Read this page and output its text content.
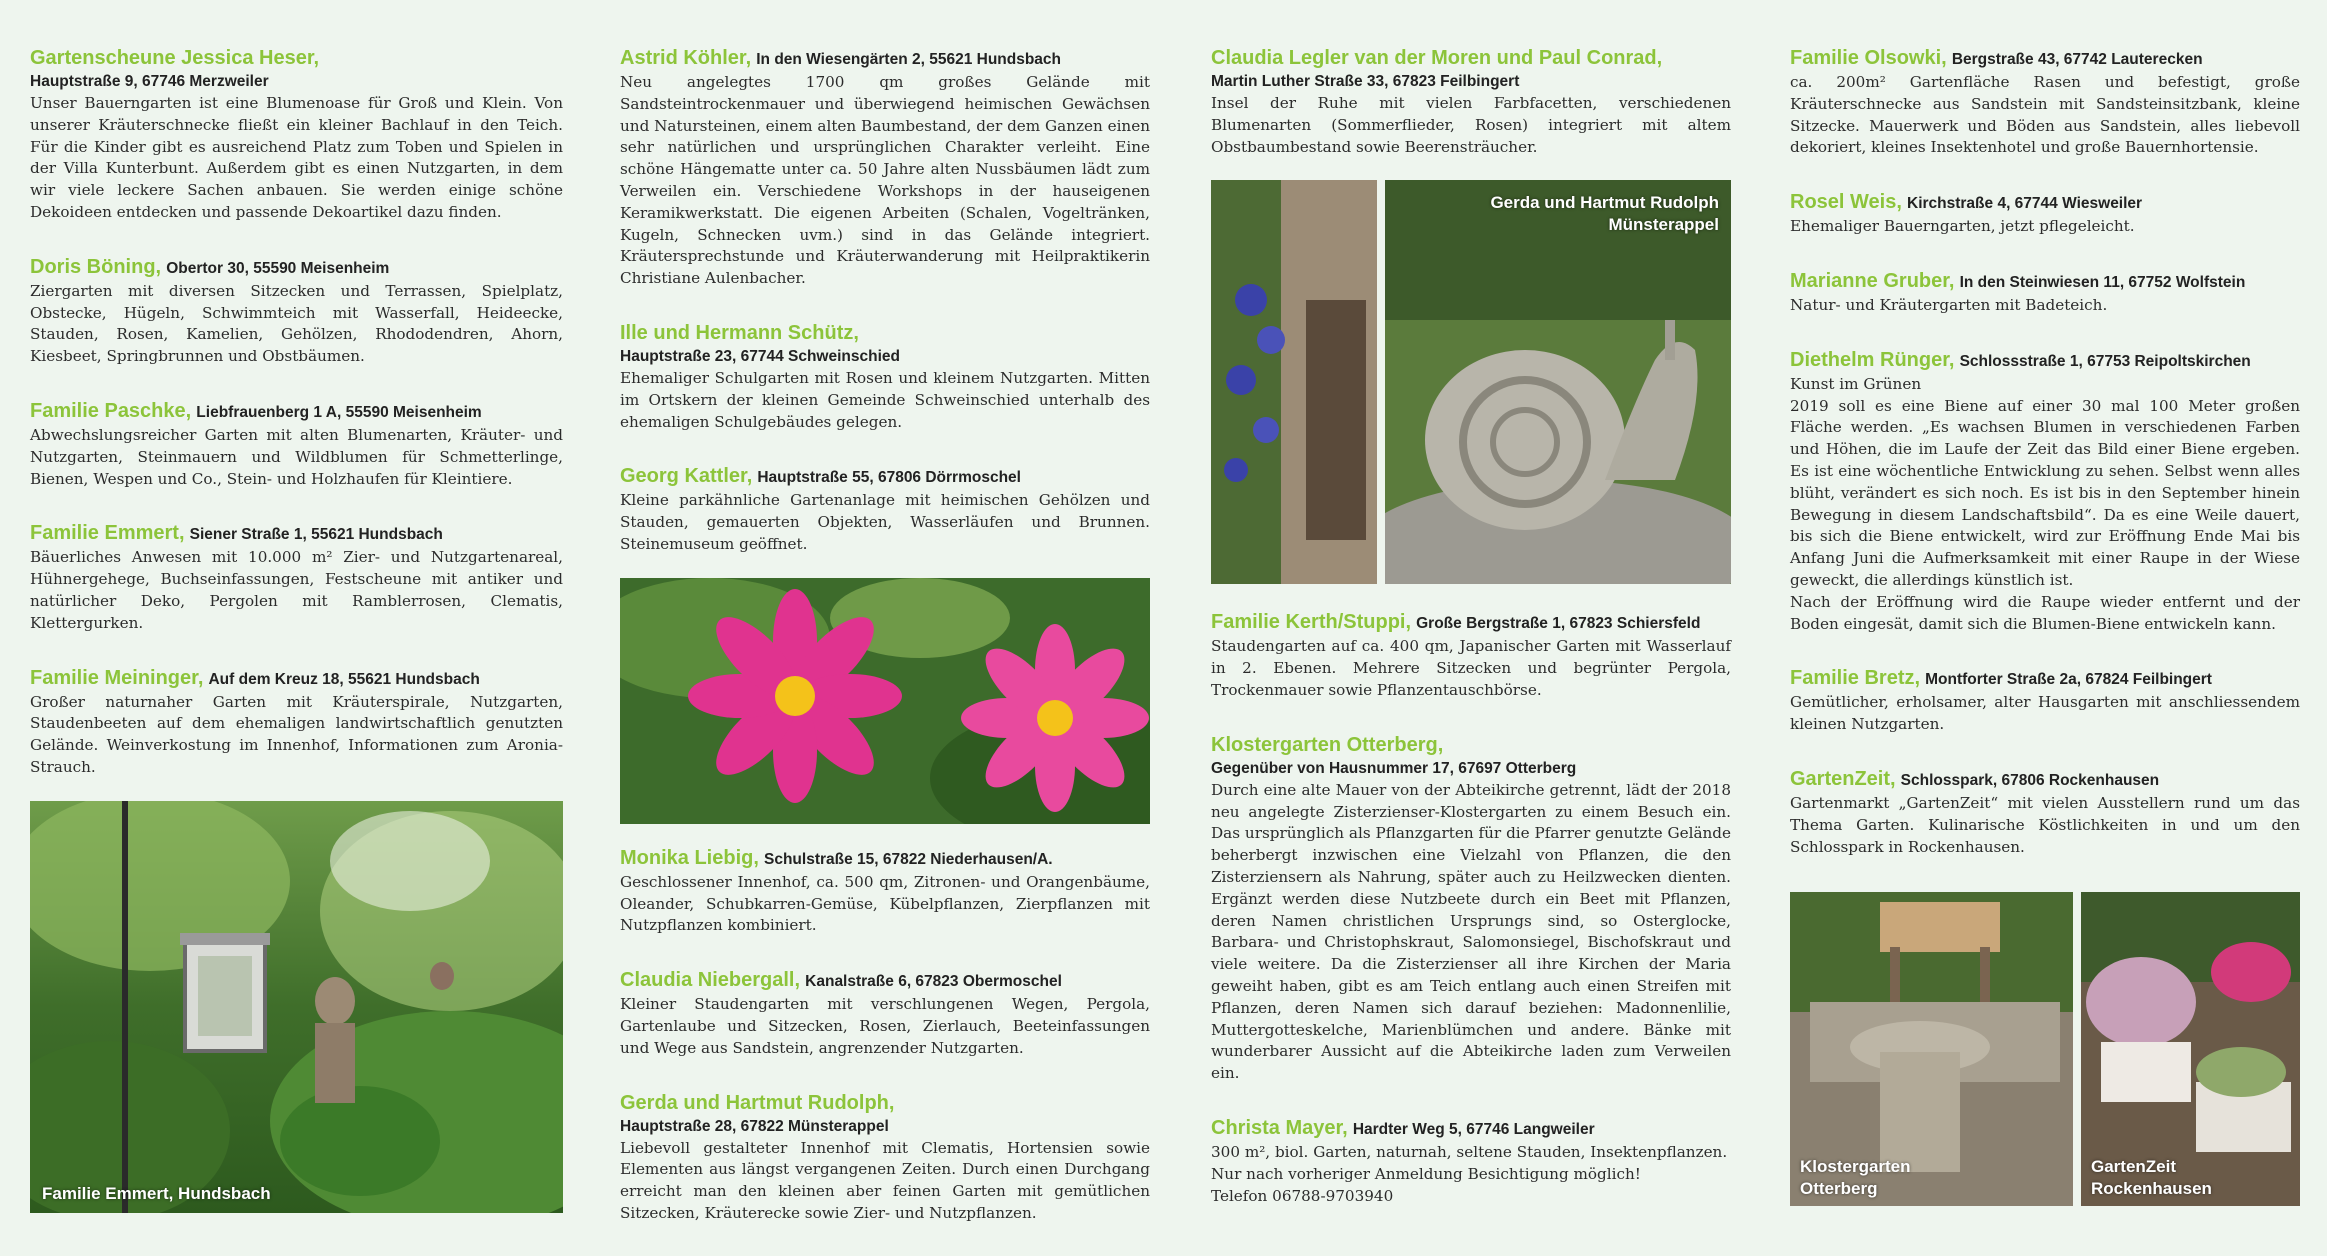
Gartenscheune Jessica Heser,
Hauptstraße 9, 67746 Merzweiler

Unser Bauerngarten ist eine Blumenoase für Groß und Klein. Von unserer Kräuterschnecke fließt ein kleiner Bachlauf in den Teich. Für die Kinder gibt es ausreichend Platz zum Toben und Spielen in der Villa Kunterbunt. Außerdem gibt es einen Nutzgarten, in dem wir viele leckere Sachen anbauen. Sie werden einige schöne Dekoideen entdecken und passende Dekoartikel dazu finden.

Doris Böning, Obertor 30, 55590 Meisenheim

Ziergarten mit diversen Sitzecken und Terrassen, Spielplatz, Obstecke, Hügeln, Schwimmteich mit Wasserfall, Heideecke, Stauden, Rosen, Kamelien, Gehölzen, Rhododendren, Ahorn, Kiesbeet, Springbrunnen und Obstbäumen.

Familie Paschke, Liebfrauenberg 1 A, 55590 Meisenheim

Abwechslungsreicher Garten mit alten Blumenarten, Kräuter- und Nutzgarten, Steinmauern und Wildblumen für Schmetterlinge, Bienen, Wespen und Co., Stein- und Holzhaufen für Kleintiere.

Familie Emmert, Siener Straße 1, 55621 Hundsbach

Bäuerliches Anwesen mit 10.000 m² Zier- und Nutzgartenareal, Hühnergehege, Buchseinfassungen, Festscheune mit antiker und natürlicher Deko, Pergolen mit Ramblerrosen, Clematis, Klettergurken.

Familie Meininger, Auf dem Kreuz 18, 55621 Hundsbach

Großer naturnaher Garten mit Kräuterspirale, Nutzgarten, Staudenbeeten auf dem ehemaligen landwirtschaftlich genutzten Gelände. Weinverkostung im Innenhof, Informationen zum Aronia-Strauch.

Familie Emmert, Hundsbach
Astrid Köhler, In den Wiesengärten 2, 55621 Hundsbach

Neu angelegtes 1700 qm großes Gelände mit Sandsteintrockenmauer und überwiegend heimischen Gewächsen und Natursteinen, einem alten Baumbestand, der dem Ganzen einen sehr natürlichen und ursprünglichen Charakter verleiht. Eine schöne Hängematte unter ca. 50 Jahre alten Nussbäumen lädt zum Verweilen ein. Verschiedene Workshops in der hauseigenen Keramikwerkstatt. Die eigenen Arbeiten (Schalen, Vogeltränken, Kugeln, Schnecken uvm.) sind in das Gelände integriert. Kräutersprechstunde und Kräuterwanderung mit Heilpraktikerin Christiane Aulenbacher.

Ille und Hermann Schütz,
Hauptstraße 23, 67744 Schweinschied

Ehemaliger Schulgarten mit Rosen und kleinem Nutzgarten. Mitten im Ortskern der kleinen Gemeinde Schweinschied unterhalb des ehemaligen Schulgebäudes gelegen.

Georg Kattler, Hauptstraße 55, 67806 Dörrmoschel

Kleine parkähnliche Gartenanlage mit heimischen Gehölzen und Stauden, gemauerten Objekten, Wasserläufen und Brunnen. Steinemuseum geöffnet.

Monika Liebig, Schulstraße 15, 67822 Niederhausen/A.

Geschlossener Innenhof, ca. 500 qm, Zitronen- und Orangenbäume, Oleander, Schubkarren-Gemüse, Kübelpflanzen, Zierpflanzen mit Nutzpflanzen kombiniert.

Claudia Niebergall, Kanalstraße 6, 67823 Obermoschel

Kleiner Staudengarten mit verschlungenen Wegen, Pergola, Gartenlaube und Sitzecken, Rosen, Zierlauch, Beeteinfassungen und Wege aus Sandstein, angrenzender Nutzgarten.

Gerda und Hartmut Rudolph,
Hauptstraße 28, 67822 Münsterappel

Liebevoll gestalteter Innenhof mit Clematis, Hortensien sowie Elementen aus längst vergangenen Zeiten. Durch einen Durchgang erreicht man den kleinen aber feinen Garten mit gemütlichen Sitzecken, Kräuterecke sowie Zier- und Nutzpflanzen.

Claudia Legler van der Moren und Paul Conrad,
Martin Luther Straße 33, 67823 Feilbingert

Insel der Ruhe mit vielen Farbfacetten, verschiedenen Blumenarten (Sommerflieder, Rosen) integriert mit altem Obstbaumbestand sowie Beerensträucher.

Gerda und Hartmut Rudolph
Münsterappel
Familie Kerth/Stuppi, Große Bergstraße 1, 67823 Schiersfeld

Staudengarten auf ca. 400 qm, Japanischer Garten mit Wasserlauf in 2. Ebenen. Mehrere Sitzecken und begrünter Pergola, Trockenmauer sowie Pflanzentauschbörse.

Klostergarten Otterberg,
Gegenüber von Hausnummer 17, 67697 Otterberg

Durch eine alte Mauer von der Abteikirche getrennt, lädt der 2018 neu angelegte Zisterzienser-Klostergarten zu einem Besuch ein. Das ursprünglich als Pflanzgarten für die Pfarrer genutzte Gelände beherbergt inzwischen eine Vielzahl von Pflanzen, die den Zisterziensern als Nahrung, später auch zu Heilzwecken dienten. Ergänzt werden diese Nutzbeete durch ein Beet mit Pflanzen, deren Namen christlichen Ursprungs sind, so Osterglocke, Barbara- und Christophskraut, Salomonsiegel, Bischofskraut und viele weitere. Da die Zisterzienser all ihre Kirchen der Maria geweiht haben, gibt es am Teich entlang auch einen Streifen mit Pflanzen, deren Namen sich darauf beziehen: Madonnenlilie, Muttergotteskelche, Marienblümchen und andere. Bänke mit wunderbarer Aussicht auf die Abteikirche laden zum Verweilen ein.

Christa Mayer, Hardter Weg 5, 67746 Langweiler

300 m², biol. Garten, naturnah, seltene Stauden, Insektenpflanzen. Nur nach vorheriger Anmeldung Besichtigung möglich!

Telefon 06788-9703940

Familie Olsowki, Bergstraße 43, 67742 Lauterecken

ca. 200m² Gartenfläche Rasen und befestigt, große Kräuterschnecke aus Sandstein mit Sandsteinsitzbank, kleine Sitzecke. Mauerwerk und Böden aus Sandstein, alles liebevoll dekoriert, kleines Insektenhotel und große Bauernhortensie.

Rosel Weis, Kirchstraße 4, 67744 Wiesweiler

Ehemaliger Bauerngarten, jetzt pflegeleicht.

Marianne Gruber, In den Steinwiesen 11, 67752 Wolfstein

Natur- und Kräutergarten mit Badeteich.

Diethelm Rünger, Schlossstraße 1, 67753 Reipoltskirchen

Kunst im Grünen

2019 soll es eine Biene auf einer 30 mal 100 Meter großen Fläche werden. „Es wachsen Blumen in verschiedenen Farben und Höhen, die im Laufe der Zeit das Bild einer Biene ergeben. Es ist eine wöchentliche Entwicklung zu sehen. Selbst wenn alles blüht, verändert es sich noch. Es ist bis in den September hinein Bewegung in diesem Landschaftsbild“. Da es eine Weile dauert, bis sich die Biene entwickelt, wird zur Eröffnung Ende Mai bis Anfang Juni die Aufmerksamkeit mit einer Raupe in der Wiese geweckt, die allerdings künstlich ist.

Nach der Eröffnung wird die Raupe wieder entfernt und der Boden eingesät, damit sich die Blumen-Biene entwickeln kann.

Familie Bretz, Montforter Straße 2a, 67824 Feilbingert

Gemütlicher, erholsamer, alter Hausgarten mit anschliessendem kleinen Nutzgarten.

GartenZeit, Schlosspark, 67806 Rockenhausen

Gartenmarkt „GartenZeit“ mit vielen Ausstellern rund um das Thema Garten. Kulinarische Köstlichkeiten in und um den Schlosspark in Rockenhausen.

Klostergarten
Otterberg
GartenZeit
Rockenhausen
